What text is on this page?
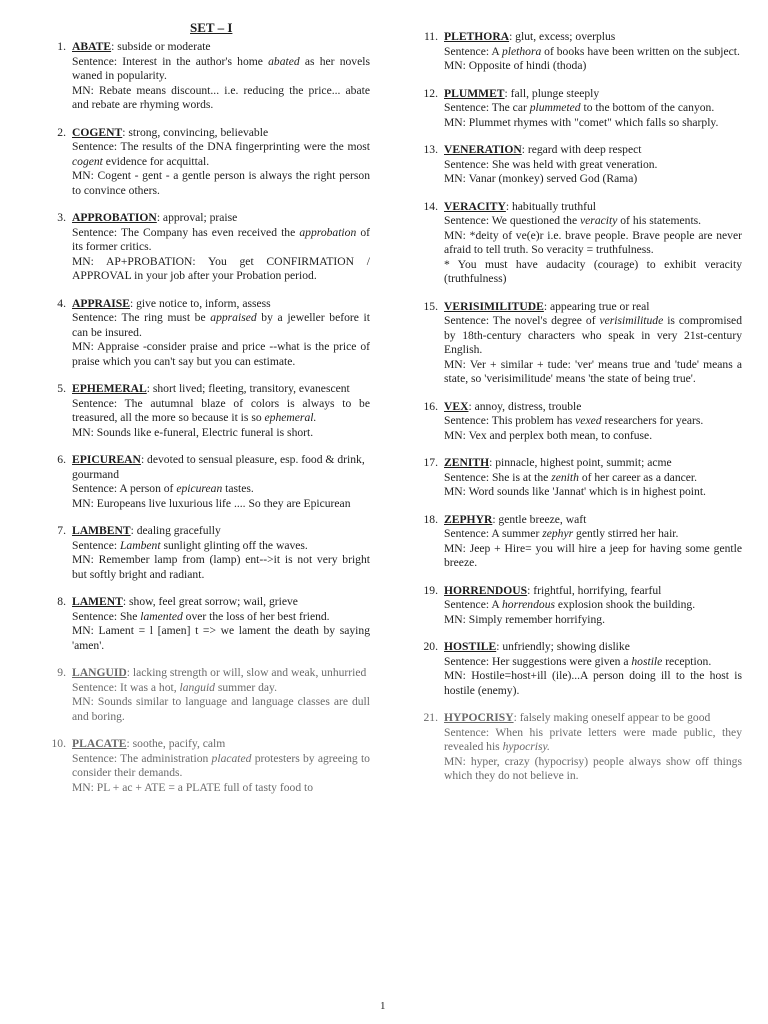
SET – I
1. ABATE: subside or moderate
Sentence: Interest in the author's home abated as her novels waned in popularity.
MN: Rebate means discount... i.e. reducing the price... abate and rebate are rhyming words.
2. COGENT: strong, convincing, believable
Sentence: The results of the DNA fingerprinting were the most cogent evidence for acquittal.
MN: Cogent - gent - a gentle person is always the right person to convince others.
3. APPROBATION: approval; praise
Sentence: The Company has even received the approbation of its former critics.
MN: AP+PROBATION: You get CONFIRMATION / APPROVAL in your job after your Probation period.
4. APPRAISE: give notice to, inform, assess
Sentence: The ring must be appraised by a jeweller before it can be insured.
MN: Appraise -consider praise and price --what is the price of praise which you can't say but you can estimate.
5. EPHEMERAL: short lived; fleeting, transitory, evanescent
Sentence: The autumnal blaze of colors is always to be treasured, all the more so because it is so ephemeral.
MN: Sounds like e-funeral, Electric funeral is short.
6. EPICUREAN: devoted to sensual pleasure, esp. food & drink, gourmand
Sentence: A person of epicurean tastes.
MN: Europeans live luxurious life .... So they are Epicurean
7. LAMBENT: dealing gracefully
Sentence: Lambent sunlight glinting off the waves.
MN: Remember lamp from (lamp) ent-->it is not very bright but softly bright and radiant.
8. LAMENT: show, feel great sorrow; wail, grieve
Sentence: She lamented over the loss of her best friend.
MN: Lament = l [amen] t => we lament the death by saying 'amen'.
9. LANGUID: lacking strength or will, slow and weak, unhurried
Sentence: It was a hot, languid summer day.
MN: Sounds similar to language and language classes are dull and boring.
10. PLACATE: soothe, pacify, calm
Sentence: The administration placated protesters by agreeing to consider their demands.
MN: PL + ac + ATE = a PLATE full of tasty food to
11. PLETHORA: glut, excess; overplus
Sentence: A plethora of books have been written on the subject.
MN: Opposite of hindi (thoda)
12. PLUMMET: fall, plunge steeply
Sentence: The car plummeted to the bottom of the canyon.
MN: Plummet rhymes with "comet" which falls so sharply.
13. VENERATION: regard with deep respect
Sentence: She was held with great veneration.
MN: Vanar (monkey) served God (Rama)
14. VERACITY: habitually truthful
Sentence: We questioned the veracity of his statements.
MN: *deity of ve(e)r i.e. brave people. Brave people are never afraid to tell truth. So veracity = truthfulness.
* You must have audacity (courage) to exhibit veracity (truthfulness)
15. VERISIMILITUDE: appearing true or real
Sentence: The novel's degree of verisimilitude is compromised by 18th-century characters who speak in very 21st-century English.
MN: Ver + similar + tude: 'ver' means true and 'tude' means a state, so 'verisimilitude' means 'the state of being true'.
16. VEX: annoy, distress, trouble
Sentence: This problem has vexed researchers for years.
MN: Vex and perplex both mean, to confuse.
17. ZENITH: pinnacle, highest point, summit; acme
Sentence: She is at the zenith of her career as a dancer.
MN: Word sounds like 'Jannat' which is in highest point.
18. ZEPHYR: gentle breeze, waft
Sentence: A summer zephyr gently stirred her hair.
MN: Jeep + Hire= you will hire a jeep for having some gentle breeze.
19. HORRENDOUS: frightful, horrifying, fearful
Sentence: A horrendous explosion shook the building.
MN: Simply remember horrifying.
20. HOSTILE: unfriendly; showing dislike
Sentence: Her suggestions were given a hostile reception.
MN: Hostile=host+ill (ile)...A person doing ill to the host is hostile (enemy).
21. HYPOCRISY: falsely making oneself appear to be good
Sentence: When his private letters were made public, they revealed his hypocrisy.
MN: hyper, crazy (hypocrisy) people always show off things which they do not believe in.
1
